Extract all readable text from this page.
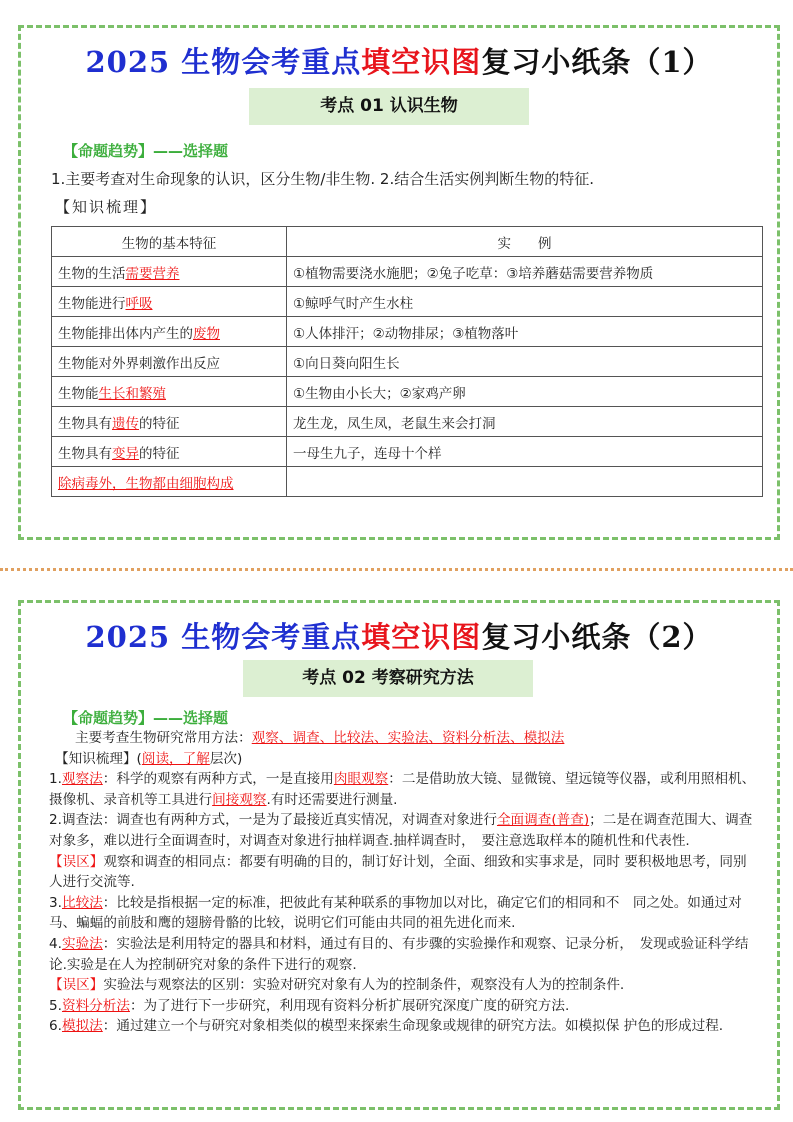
2025 生物会考重点填空识图复习小纸条（1）
考点 01 认识生物
【命题趋势】——选择题
1.主要考查对生命现象的认识，区分生物/非生物. 2.结合生活实例判断生物的特征.
【知识梳理】
生物的基本特征	实　　例
生物的生活需要营养	①植物需要浇水施肥；②兔子吃草：③培养蘑菇需要营养物质
生物能进行呼吸	①鲸呼气时产生水柱
生物能排出体内产生的废物	①人体排汗；②动物排尿；③植物落叶
生物能对外界刺激作出反应	①向日葵向阳生长
生物能生长和繁殖	①生物由小长大；②家鸡产卵
生物具有遗传的特征	龙生龙，凤生凤，老鼠生来会打洞
生物具有变异的特征	一母生九子，连母十个样
除病毒外，生物都由细胞构成	
2025 生物会考重点填空识图复习小纸条（2）
考点 02 考察研究方法
【命题趋势】——选择题

主要考查生物研究常用方法：观察、调查、比较法、实验法、资料分析法、模拟法

【知识梳理】(阅读，了解层次)

1.观察法：科学的观察有两种方式，一是直接用肉眼观察：二是借助放大镜、显微镜、望远镜等仪器，或利用照相机、摄像机、录音机等工具进行间接观察.有时还需要进行测量.

2.调查法：调查也有两种方式，一是为了最接近真实情况，对调查对象进行全面调查(普查)；二是在调查范围大、调查对象多，难以进行全面调查时，对调查对象进行抽样调查.抽样调查时，　要注意选取样本的随机性和代表性.

【误区】观察和调查的相同点：都要有明确的目的，制订好计划，全面、细致和实事求是，同时 要积极地思考，同别人进行交流等.

3.比较法：比较是指根据一定的标准，把彼此有某种联系的事物加以对比，确定它们的相同和不　同之处。如通过对马、蝙蝠的前肢和鹰的翅膀骨骼的比较，说明它们可能由共同的祖先进化而来.

4.实验法：实验法是利用特定的器具和材料，通过有目的、有步骤的实验操作和观察、记录分析，　发现或验证科学结论.实验是在人为控制研究对象的条件下进行的观察.

【误区】实验法与观察法的区别：实验对研究对象有人为的控制条件，观察没有人为的控制条件.

5.资料分析法：为了进行下一步研究，利用现有资料分析扩展研究深度广度的研究方法.

6.模拟法：通过建立一个与研究对象相类似的模型来探索生命现象或规律的研究方法。如模拟保 护色的形成过程.
